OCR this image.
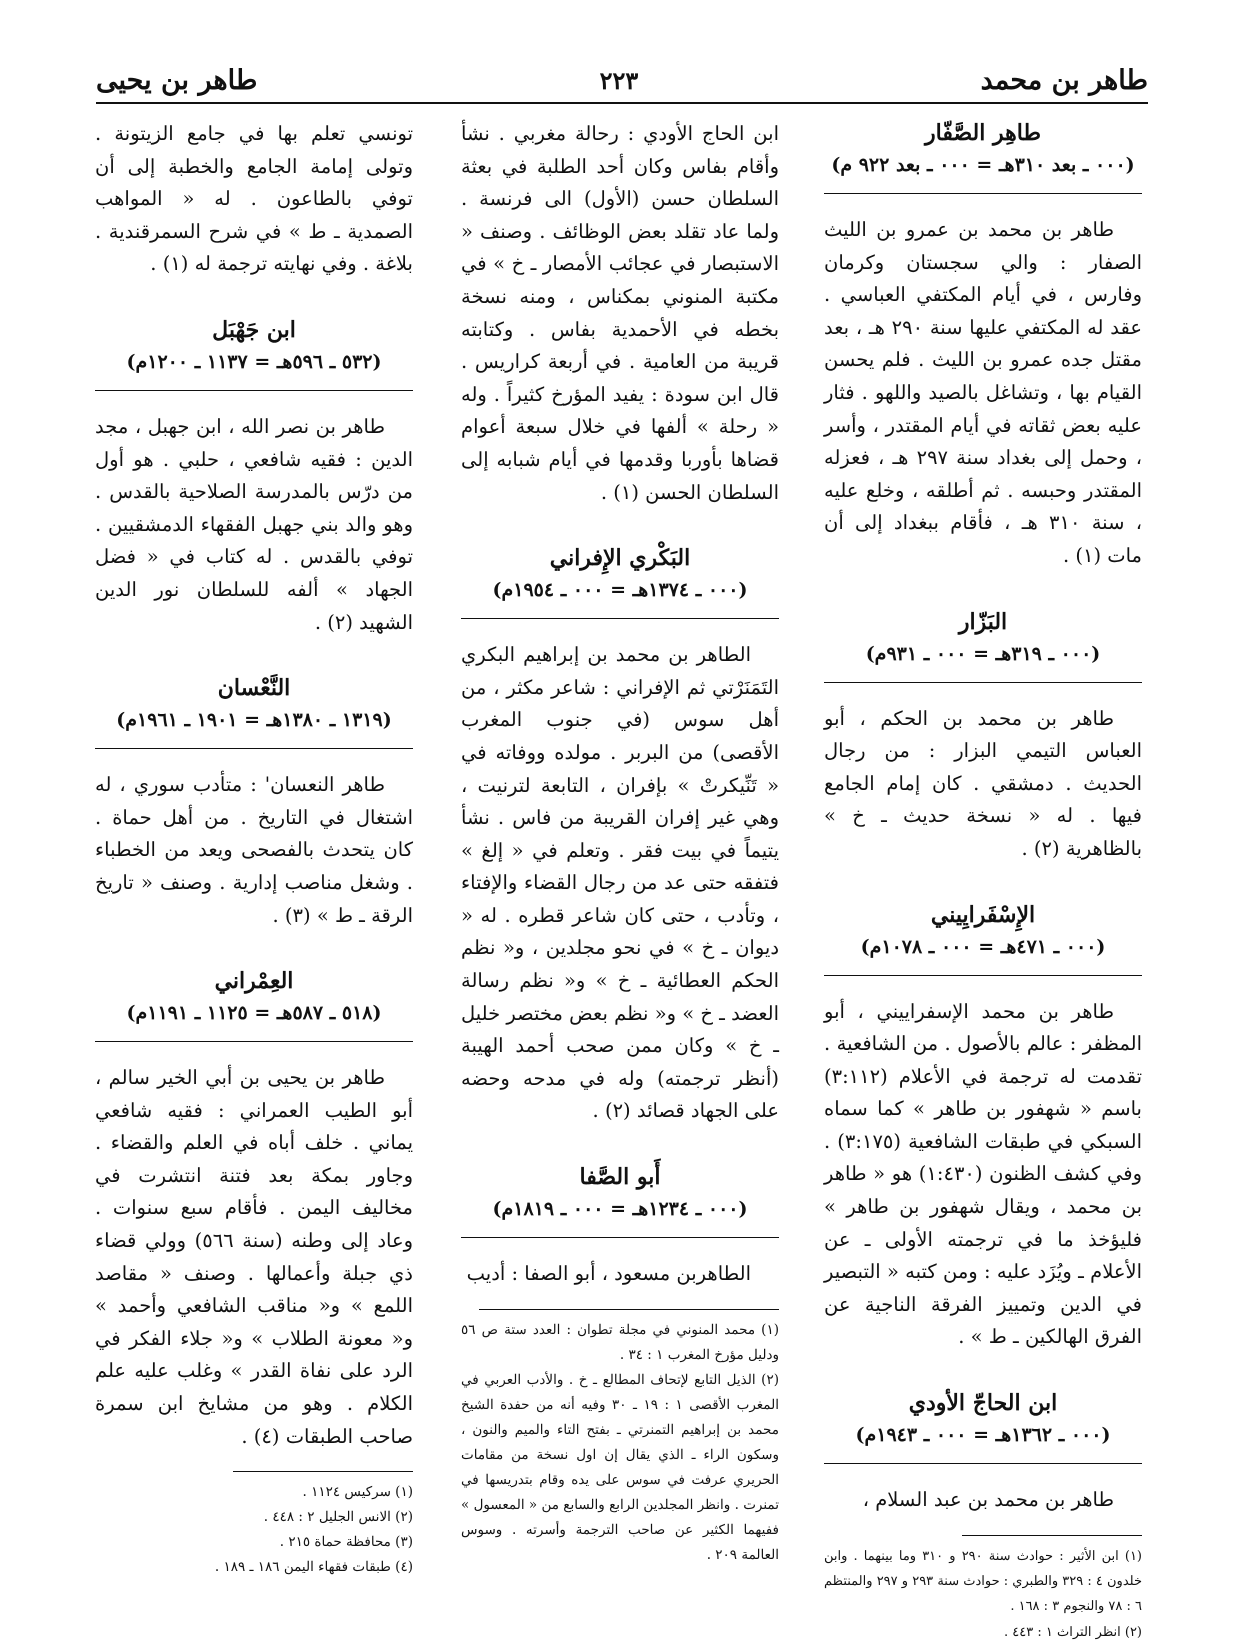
طاهر بن محمد
٢٢٣
طاهر بن يحيى
طاهِر الصَّفّار
(٠٠٠ ـ بعد ٣١٠هـ = ٠٠٠ ـ بعد ٩٢٢ م)

طاهر بن محمد بن عمرو بن الليث الصفار : والي سجستان وكرمان وفارس ، في أيام المكتفي العباسي . عقد له المكتفي عليها سنة ٢٩٠ هـ ، بعد مقتل جده عمرو بن الليث . فلم يحسن القيام بها ، وتشاغل بالصيد واللهو . فثار عليه بعض ثقاته في أيام المقتدر ، وأسر ، وحمل إلى بغداد سنة ٢٩٧ هـ ، فعزله المقتدر وحبسه . ثم أطلقه ، وخلع عليه ، سنة ٣١٠ هـ ، فأقام ببغداد إلى أن مات (١) .

البَزّار
(٠٠٠ ـ ٣١٩هـ = ٠٠٠ ـ ٩٣١م)

طاهر بن محمد بن الحكم ، أبو العباس التيمي البزار : من رجال الحديث . دمشقي . كان إمام الجامع فيها . له « نسخة حديث ـ خ » بالظاهرية (٢) .

الإِسْفَرايِيني
(٠٠٠ ـ ٤٧١هـ = ٠٠٠ ـ ١٠٧٨م)

طاهر بن محمد الإسفراييني ، أبو المظفر : عالم بالأصول . من الشافعية . تقدمت له ترجمة في الأعلام (٣:١١٢) باسم « شهفور بن طاهر » كما سماه السبكي في طبقات الشافعية (٣:١٧٥) . وفي كشف الظنون (١:٤٣٠) هو « طاهر بن محمد ، ويقال شهفور بن طاهر » فليؤخذ ما في ترجمته الأولى ـ عن الأعلام ـ ويُزَد عليه : ومن كتبه « التبصير في الدين وتمييز الفرقة الناجية عن الفرق الهالكين ـ ط » .

ابن الحاجّ الأودي
(٠٠٠ ـ ١٣٦٢هـ = ٠٠٠ ـ ١٩٤٣م)

طاهر بن محمد بن عبد السلام ،

(١) ابن الأثير : حوادث سنة ٢٩٠ و ٣١٠ وما بينهما . وابن خلدون ٤ : ٣٢٩ والطبري : حوادث سنة ٢٩٣ و ٢٩٧ والمنتظم ٦ : ٧٨ والنجوم ٣ : ١٦٨ .

(٢) انظر التراث ١ : ٤٤٣ .

ابن الحاج الأودي : رحالة مغربي . نشأ وأقام بفاس وكان أحد الطلبة في بعثة السلطان حسن (الأول) الى فرنسة . ولما عاد تقلد بعض الوظائف . وصنف « الاستبصار في عجائب الأمصار ـ خ » في مكتبة المنوني بمكناس ، ومنه نسخة بخطه في الأحمدية بفاس . وكتابته قريبة من العامية . في أربعة كراريس . قال ابن سودة : يفيد المؤرخ كثيراً . وله « رحلة » ألفها في خلال سبعة أعوام قضاها بأوربا وقدمها في أيام شبابه إلى السلطان الحسن (١) .

البَكْري الإِفراني
(٠٠٠ ـ ١٣٧٤هـ = ٠٠٠ ـ ١٩٥٤م)

الطاهر بن محمد بن إبراهيم البكري التَمَنَرْتي ثم الإفراني : شاعر مكثر ، من أهل سوس (في جنوب المغرب الأقصى) من البربر . مولده ووفاته في « تَنِّيكرتْ » بإفران ، التابعة لترنيت ، وهي غير إفران القريبة من فاس . نشأ يتيماً في بيت فقر . وتعلم في « إلغ » فتفقه حتى عد من رجال القضاء والإفتاء ، وتأدب ، حتى كان شاعر قطره . له « ديوان ـ خ » في نحو مجلدين ، و« نظم الحكم العطائية ـ خ » و« نظم رسالة العضد ـ خ » و« نظم بعض مختصر خليل ـ خ » وكان ممن صحب أحمد الهيبة (أنظر ترجمته) وله في مدحه وحضه على الجهاد قصائد (٢) .

أَبو الصَّفا
(٠٠٠ ـ ١٢٣٤هـ = ٠٠٠ ـ ١٨١٩م)

الطاهربن مسعود ، أبو الصفا : أديب

(١) محمد المنوني في مجلة تطوان : العدد ستة ص ٥٦ ودليل مؤرخ المغرب ١ : ٣٤ .

(٢) الذيل التابع لإتحاف المطالع ـ خ . والأدب العربي في المغرب الأقصى ١ : ١٩ ـ ٣٠ وفيه أنه من حفدة الشيخ محمد بن إبراهيم التمنرتي ـ بفتح التاء والميم والنون ، وسكون الراء ـ الذي يقال إن اول نسخة من مقامات الحريري عرفت في سوس على يده وقام بتدريسها في تمنرت . وانظر المجلدين الرابع والسابع من « المعسول » ففيهما الكثير عن صاحب الترجمة وأسرته . وسوس العالمة ٢٠٩ .

تونسي تعلم بها في جامع الزيتونة . وتولى إمامة الجامع والخطبة إلى أن توفي بالطاعون . له « المواهب الصمدية ـ ط » في شرح السمرقندية . بلاغة . وفي نهايته ترجمة له (١) .

ابن جَهْبَل
(٥٣٢ ـ ٥٩٦هـ = ١١٣٧ ـ ١٢٠٠م)

طاهر بن نصر الله ، ابن جهبل ، مجد الدين : فقيه شافعي ، حلبي . هو أول من درّس بالمدرسة الصلاحية بالقدس . وهو والد بني جهبل الفقهاء الدمشقيين . توفي بالقدس . له كتاب في « فضل الجهاد » ألفه للسلطان نور الدين الشهيد (٢) .

النَّعْسان
(١٣١٩ ـ ١٣٨٠هـ = ١٩٠١ ـ ١٩٦١م)

طاهر النعسان' : متأدب سوري ، له اشتغال في التاريخ . من أهل حماة . كان يتحدث بالفصحى ويعد من الخطباء . وشغل مناصب إدارية . وصنف « تاريخ الرقة ـ ط » (٣) .

العِمْراني
(٥١٨ ـ ٥٨٧هـ = ١١٢٥ ـ ١١٩١م)

طاهر بن يحيى بن أبي الخير سالم ، أبو الطيب العمراني : فقيه شافعي يماني . خلف أباه في العلم والقضاء . وجاور بمكة بعد فتنة انتشرت في مخاليف اليمن . فأقام سبع سنوات . وعاد إلى وطنه (سنة ٥٦٦) وولي قضاء ذي جبلة وأعمالها . وصنف « مقاصد اللمع » و« مناقب الشافعي وأحمد » و« معونة الطلاب » و« جلاء الفكر في الرد على نفاة القدر » وغلب عليه علم الكلام . وهو من مشايخ ابن سمرة صاحب الطبقات (٤) .

(١) سركيس ١١٢٤ .

(٢) الانس الجليل ٢ : ٤٤٨ .

(٣) محافظة حماة ٢١٥ .

(٤) طبقات فقهاء اليمن ١٨٦ ـ ١٨٩ .
